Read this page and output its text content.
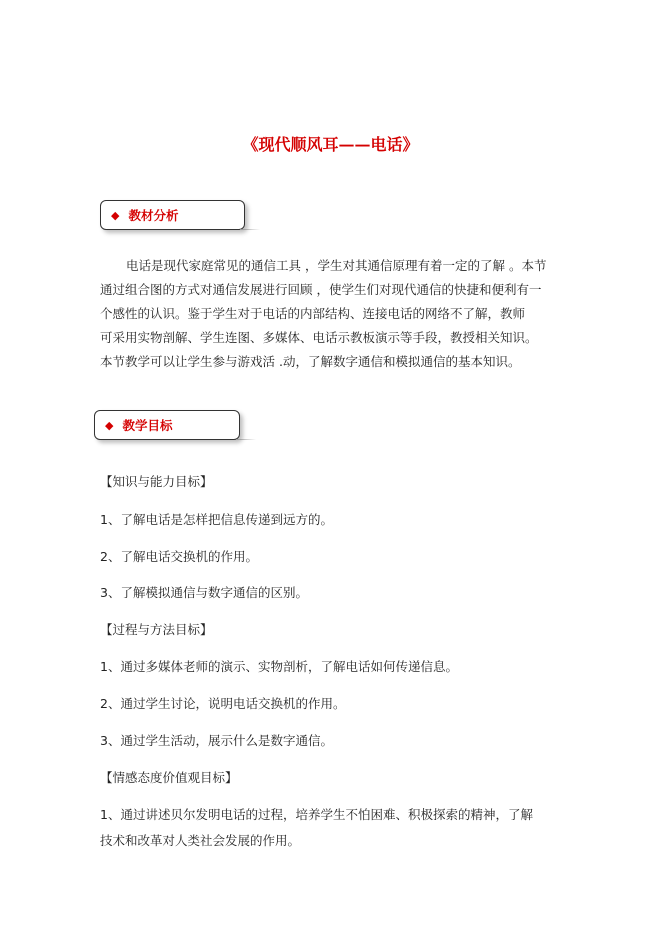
《现代顺风耳——电话》
◆ 教材分析
电话是现代家庭常见的通信工具 ，学生对其通信原理有着一定的了解 。本节
通过组合图的方式对通信发展进行回顾 ，使学生们对现代通信的快捷和便利有一
个感性的认识。鉴于学生对于电话的内部结构、连接电话的网络不了解，教师
可采用实物剖解、学生连图、多媒体、电话示教板演示等手段，教授相关知识。
本节教学可以让学生参与游戏活 .动，了解数字通信和模拟通信的基本知识。
◆ 教学目标
【知识与能力目标】
1、了解电话是怎样把信息传递到远方的。
2、了解电话交换机的作用。
3、了解模拟通信与数字通信的区别。
【过程与方法目标】
1、通过多媒体老师的演示、实物剖析，了解电话如何传递信息。
2、通过学生讨论，说明电话交换机的作用。
3、通过学生活动，展示什么是数字通信。
【情感态度价值观目标】
1、通过讲述贝尔发明电话的过程，培养学生不怕困难、积极探索的精神，了解
技术和改革对人类社会发展的作用。
